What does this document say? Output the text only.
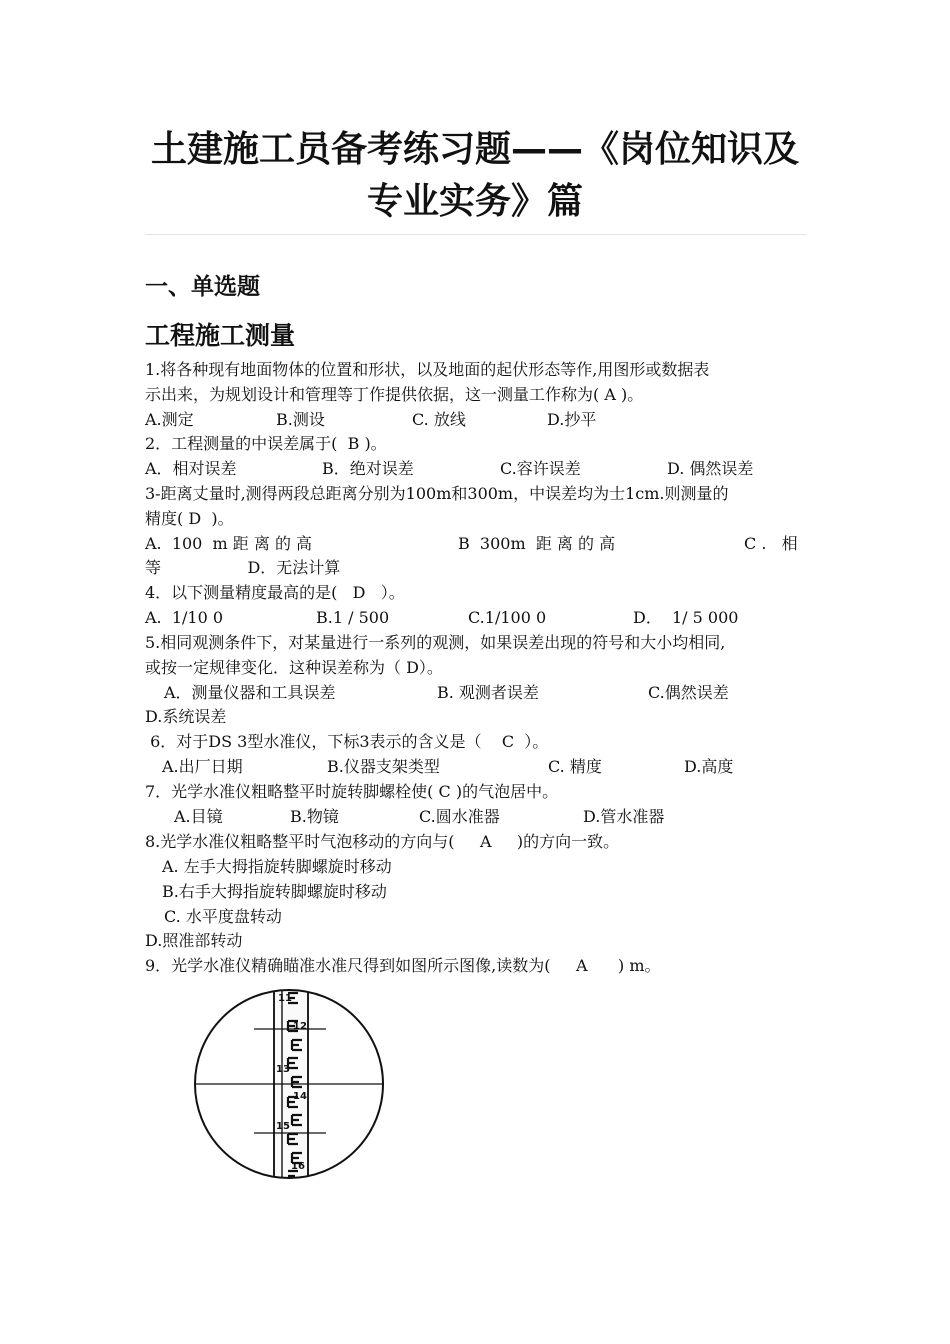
土建施工员备考练习题——《岗位知识及
专业实务》篇
一、单选题
工程施工测量
1.将各种现有地面物体的位置和形状，以及地面的起伏形态等作,用图形或数据表
示出来，为规划设计和管理等丁作提供依据，这一测量工作称为( A )。
A.测定	B.测设	C. 放线	D.抄平
2．工程测量的中误差属于(  B )。
A．相对误差	B．绝对误差	C.容许误差	D. 偶然误差
3-距离丈量时,测得两段总距离分别为100m和300m，中误差均为士1cm.则测量的
精度( D  )。
A.  100  m 距 离 的 高	B  300m  距 离 的 高	C .   相
等                 D．无法计算
4．以下测量精度最高的是(   D   ）。
A.  1/10 0	B.1 / 500	C.1/100 0	D．  1/ 5 000
5.相同观测条件下，对某量进行一系列的观测，如果误差出现的符号和大小均相同,
或按一定规律变化．这种误差称为（ D）。
A．测量仪器和工具误差	B. 观测者误差	C.偶然误差
D.系统误差
6．对于DS 3型水准仪，下标3表示的含义是（    C  ）。
A.出厂日期	B.仪器支架类型	C. 精度	D.高度
7．光学水准仪粗略整平时旋转脚螺栓使( C )的气泡居中。
A.目镜	B.物镜	C.圆水准器	D.管水准器
8.光学水准仪粗略整平时气泡移动的方向与(     A     )的方向一致。
A. 左手大拇指旋转脚螺旋时移动
B.右手大拇指旋转脚螺旋时移动
C. 水平度盘转动
D.照准部转动
9．光学水准仪精确瞄准水准尺得到如图所示图像,读数为(     A      ) m。
11
12
13
14
15
16
